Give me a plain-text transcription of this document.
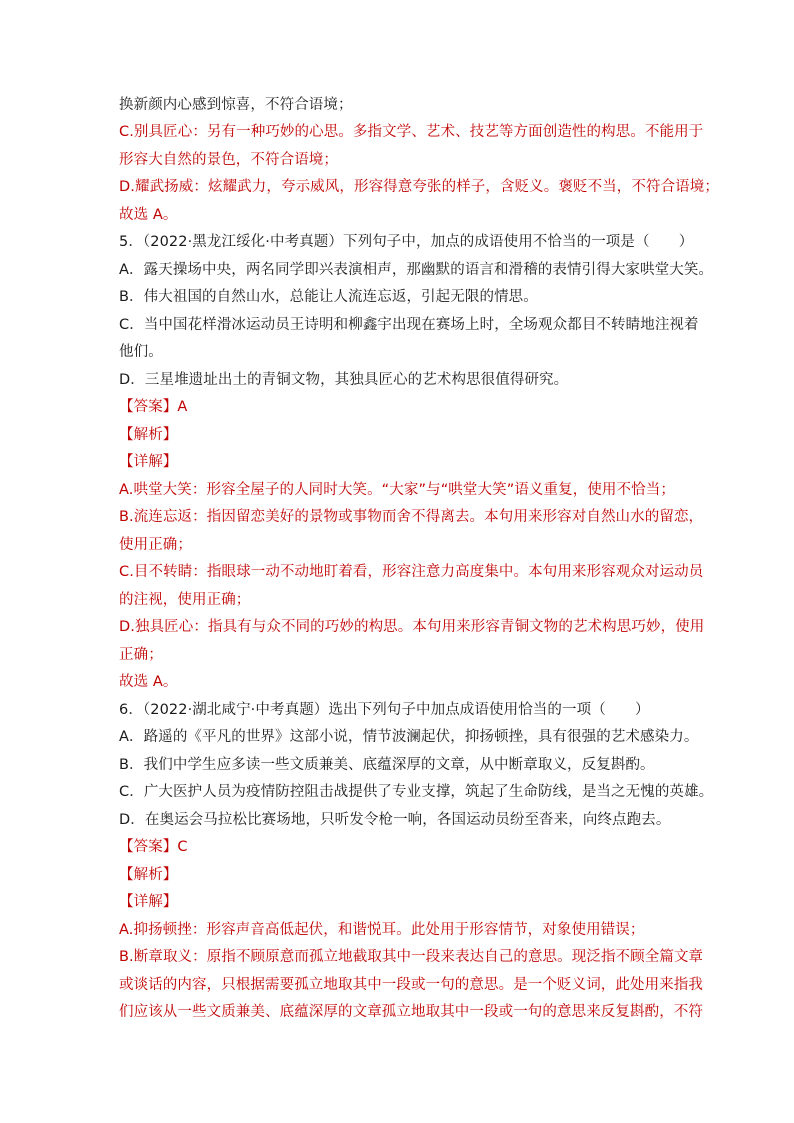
换新颜内心感到惊喜，不符合语境；
C.别具匠心：另有一种巧妙的心思。多指文学、艺术、技艺等方面创造性的构思。不能用于
形容大自然的景色，不符合语境；
D.耀武扬威：炫耀武力，夸示威风，形容得意夸张的样子，含贬义。褒贬不当，不符合语境；
故选 A。
5．（2022·黑龙江绥化·中考真题）下列句子中，加点的成语使用不恰当的一项是（　　）
A．露天操场中央，两名同学即兴表演相声，那幽默的语言和滑稽的表情引得大家哄堂大笑。
B．伟大祖国的自然山水，总能让人流连忘返，引起无限的情思。
C．当中国花样滑冰运动员王诗明和柳鑫宇出现在赛场上时，全场观众都目不转睛地注视着
他们。
D．三星堆遗址出土的青铜文物，其独具匠心的艺术构思很值得研究。
【答案】A
【解析】
【详解】
A.哄堂大笑：形容全屋子的人同时大笑。“大家”与“哄堂大笑”语义重复，使用不恰当；
B.流连忘返：指因留恋美好的景物或事物而舍不得离去。本句用来形容对自然山水的留恋，
使用正确；
C.目不转睛：指眼球一动不动地盯着看，形容注意力高度集中。本句用来形容观众对运动员
的注视，使用正确；
D.独具匠心：指具有与众不同的巧妙的构思。本句用来形容青铜文物的艺术构思巧妙，使用
正确；
故选 A。
6．（2022·湖北咸宁·中考真题）选出下列句子中加点成语使用恰当的一项（　　）
A．路遥的《平凡的世界》这部小说，情节波澜起伏，抑扬顿挫，具有很强的艺术感染力。
B．我们中学生应多读一些文质兼美、底蕴深厚的文章，从中断章取义，反复斟酌。
C．广大医护人员为疫情防控阻击战提供了专业支撑，筑起了生命防线，是当之无愧的英雄。
D．在奥运会马拉松比赛场地，只听发令枪一响，各国运动员纷至沓来，向终点跑去。
【答案】C
【解析】
【详解】
A.抑扬顿挫：形容声音高低起伏，和谐悦耳。此处用于形容情节，对象使用错误；
B.断章取义：原指不顾原意而孤立地截取其中一段来表达自己的意思。现泛指不顾全篇文章
或谈话的内容，只根据需要孤立地取其中一段或一句的意思。是一个贬义词，此处用来指我
们应该从一些文质兼美、底蕴深厚的文章孤立地取其中一段或一句的意思来反复斟酌，不符
